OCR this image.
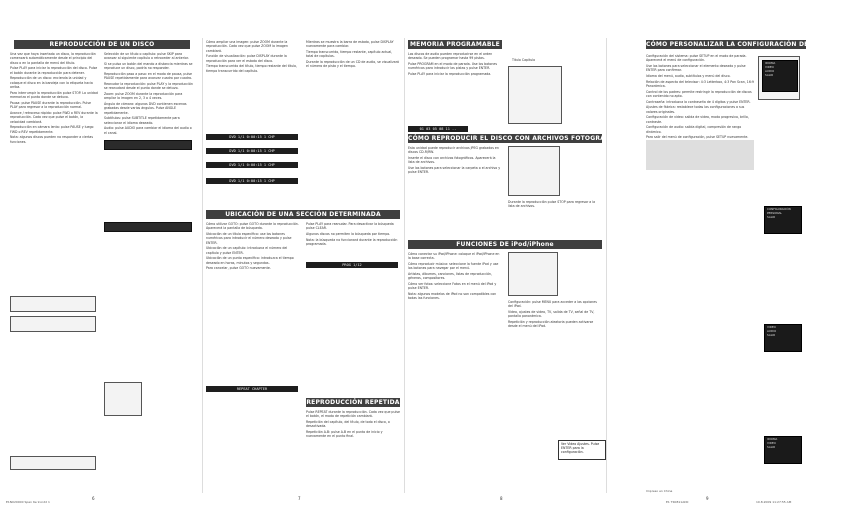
REPRODUCCIÓN DE UN DISCO

Una vez que haya insertado un disco, la reproducción comenzará automáticamente desde el principio del disco o en la pantalla de menú del título.

Pulse PLAY para iniciar la reproducción del disco. Pulse el botón durante la reproducción para detener.

Reproducción de un disco: encienda la unidad y coloque el disco en la bandeja con la etiqueta hacia arriba.

Para interrumpir la reproducción pulse STOP. La unidad memoriza el punto donde se detuvo.

Pausa: pulse PAUSE durante la reproducción. Pulse PLAY para regresar a la reproducción normal.

Avance / retroceso rápido: pulse FWD o REV durante la reproducción. Cada vez que pulse el botón, la velocidad cambiará.

Reproducción en cámara lenta: pulse PAUSE y luego FWD o REV repetidamente.

Nota: algunos discos pueden no responder a ciertas funciones.

Selección de un título o capítulo: pulse SKIP para avanzar al siguiente capítulo o retroceder al anterior.

Si se pulsa un botón del mando a distancia mientras se reproduce un disco, podría no responder.

Reproducción paso a paso: en el modo de pausa, pulse PAUSE repetidamente para avanzar cuadro por cuadro.

Reanudar la reproducción: pulse PLAY y la reproducción se reanudará desde el punto donde se detuvo.

Zoom: pulse ZOOM durante la reproducción para ampliar la imagen en 2, 3 o 4 veces.

Ángulo de cámara: algunos DVD contienen escenas grabadas desde varios ángulos. Pulse ANGLE repetidamente.

Subtítulos: pulse SUBTITLE repetidamente para seleccionar el idioma deseado.

Audio: pulse AUDIO para cambiar el idioma del audio o el canal.

6
E1N020000 Span 6e 9.indd 1

Cómo ampliar una imagen: pulse ZOOM durante la reproducción. Cada vez que pulse ZOOM la imagen cambiará.

Función de visualización: pulse DISPLAY durante la reproducción para ver el estado del disco.

Tiempo transcurrido del título, tiempo restante del título, tiempo transcurrido del capítulo.

DVD 1/1 0:00:15 1 CHP
DVD 1/1 0:00:15 1 CHP
DVD 1/1 0:00:15 1 CHP
DVD 1/1 0:00:15 1 CHP

Mientras se muestra la barra de estado, pulse DISPLAY nuevamente para cambiar.

Tiempo transcurrido, tiempo restante, capítulo actual, total de capítulos.

Durante la reproducción de un CD de audio, se visualizará el número de pista y el tiempo.

UBICACIÓN DE UNA SECCIÓN DETERMINADA

Cómo utilizar GOTO: pulse GOTO durante la reproducción. Aparecerá la pantalla de búsqueda.

Ubicación de un título específico: use los botones numéricos para introducir el número deseado y pulse ENTER.

Ubicación de un capítulo: introduzca el número del capítulo y pulse ENTER.

Ubicación de un punto específico: introduzca el tiempo deseado en horas, minutos y segundos.

Para cancelar, pulse GOTO nuevamente.

Pulse PLAY para reanudar. Para desactivar la búsqueda pulse CLEAR.

Algunos discos no permiten la búsqueda por tiempo.

Nota: la búsqueda no funcionará durante la reproducción programada.

PROG 1/12
REPRODUCCIÓN REPETIDA

Pulse REPEAT durante la reproducción. Cada vez que pulse el botón, el modo de repetición cambiará.

Repetición del capítulo, del título, de todo el disco, o desactivada.

Repetición A-B: pulse A-B en el punto de inicio y nuevamente en el punto final.

REPEAT CHAPTER
7
MEMORIA PROGRAMABLE

Los discos de audio pueden reproducirse en el orden deseado. Se pueden programar hasta 99 pistas.

Pulse PROGRAM en el modo de parada. Use los botones numéricos para introducir las pistas y pulse ENTER.

Pulse PLAY para iniciar la reproducción programada.

Titulo Capitulo
01 03 05 08 11 --
CÓMO REPRODUCIR EL DISCO CON ARCHIVOS FOTOGRÁFICOS

Esta unidad puede reproducir archivos JPEG grabados en discos CD-R/RW.

Inserte el disco con archivos fotográficos. Aparecerá la lista de archivos.

Use los botones para seleccionar la carpeta o el archivo y pulse ENTER.

Durante la reproducción pulse STOP para regresar a la lista de archivos.

FUNCIONES DE iPod/iPhone

Cómo conectar su iPod/iPhone: coloque el iPod/iPhone en la base correcta.

Cómo reproducir música: seleccione la fuente iPod y use los botones para navegar por el menú.

Artistas, álbumes, canciones, listas de reproducción, géneros, compositores.

Cómo ver fotos: seleccione Fotos en el menú del iPod y pulse ENTER.

Nota: algunos modelos de iPod no son compatibles con todas las funciones.

Configuración: pulse MENU para acceder a las opciones del iPod.

Video, ajustes de video, TV, salida de TV, señal de TV, pantalla panorámica.

Repetición y reproducción aleatoria pueden activarse desde el menú del iPod.

Ver Video Ajustes. Pulse ENTER para la configuración.
8
CÓMO PERSONALIZAR LA CONFIGURACIÓN DE LAS FUNCIONES
IDIOMA
VIDEO
AUDIO
SALIR

Configuración del sistema: pulse SETUP en el modo de parada. Aparecerá el menú de configuración.

Use los botones para seleccionar el elemento deseado y pulse ENTER para confirmar.

Idioma del menú, audio, subtítulos y menú del disco.

Relación de aspecto del televisor: 4:3 Letterbox, 4:3 Pan Scan, 16:9 Panorámica.

Control de los padres: permite restringir la reproducción de discos con contenido no apto.

Contraseña: introduzca la contraseña de 4 dígitos y pulse ENTER.

Ajustes de fábrica: restablece todas las configuraciones a sus valores originales.

Configuración de video: salida de video, modo progresivo, brillo, contraste.

Configuración de audio: salida digital, compresión de rango dinámico.

Para salir del menú de configuración, pulse SETUP nuevamente.

CONFIGURACIÓN
PERSONAL
SALIR
VIDEO
AUDIO
SALIR
IDIOMA
VIDEO
SALIR
Impreso en China
9
E1 TK0811AD0	10.8.2009 11:27:55 AM
